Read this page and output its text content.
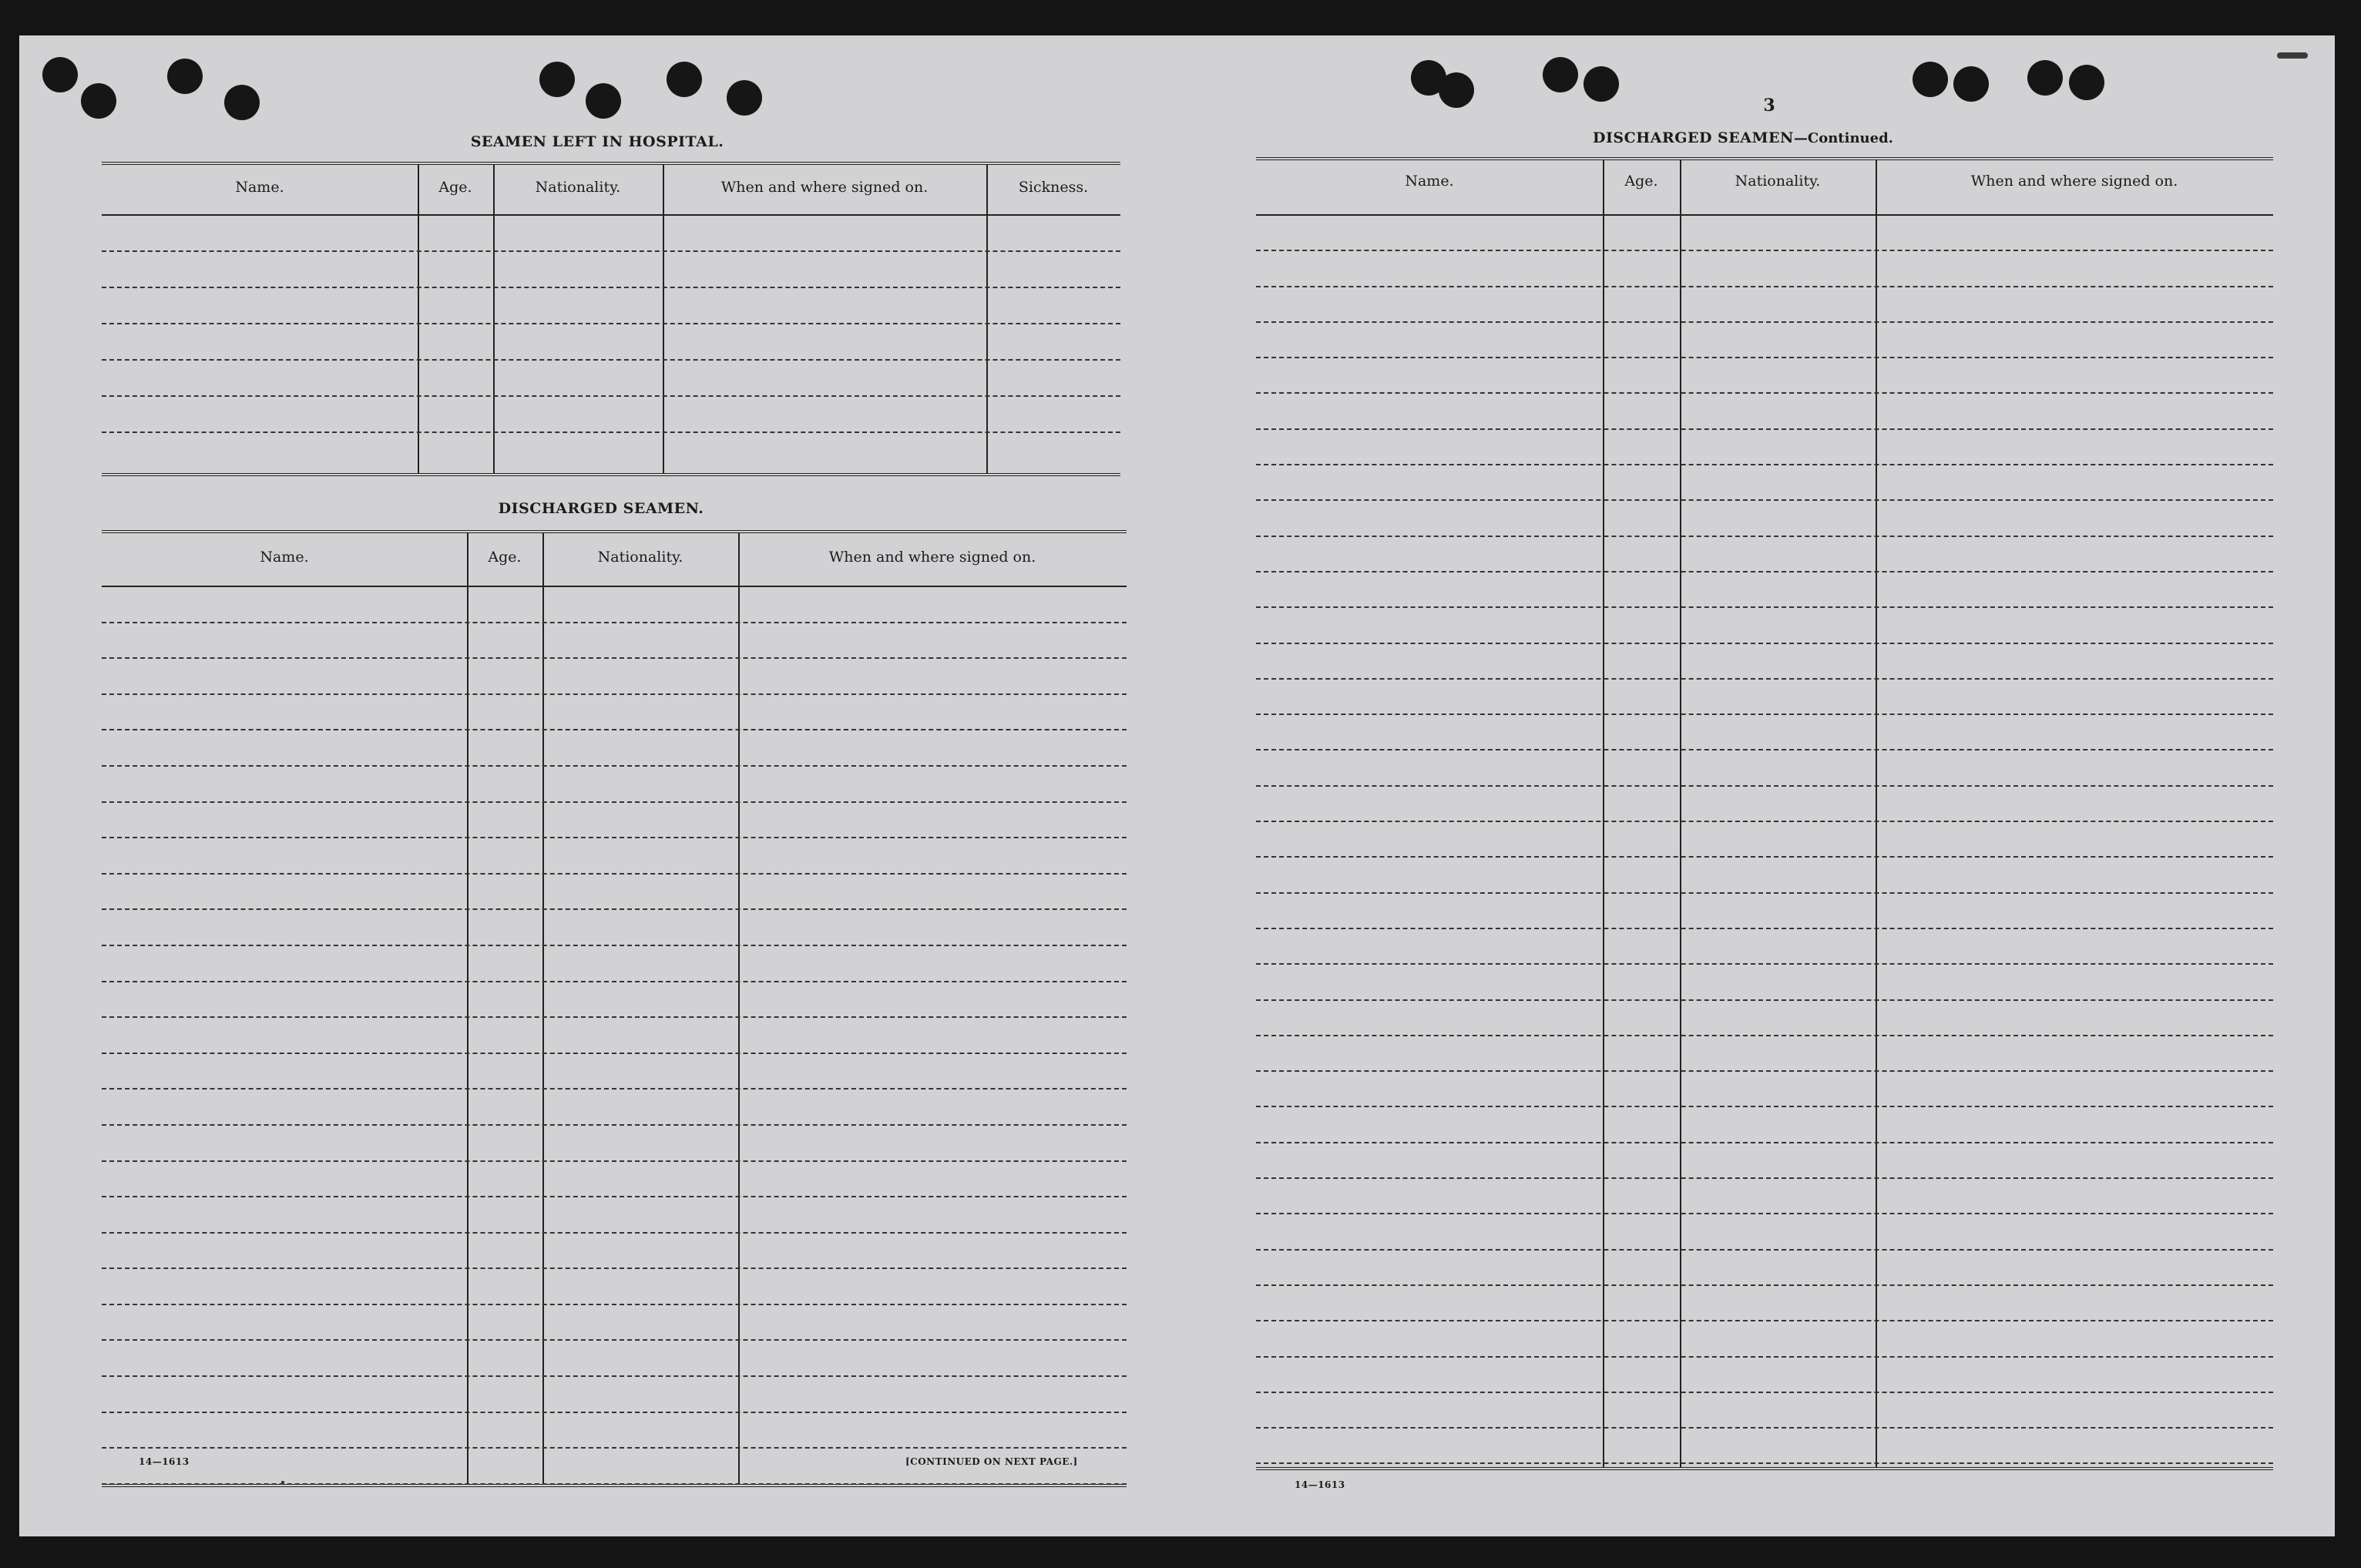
SEAMEN LEFT IN HOSPITAL.
Name.	Age.	Nationality.	When and where signed on.	Sickness.
DISCHARGED SEAMEN.
Name.	Age.	Nationality.	When and where signed on.
14—1613	[CONTINUED ON NEXT PAGE.]
3
DISCHARGED SEAMEN—Continued.
Name.	Age.	Nationality.	When and where signed on.
14—1613
